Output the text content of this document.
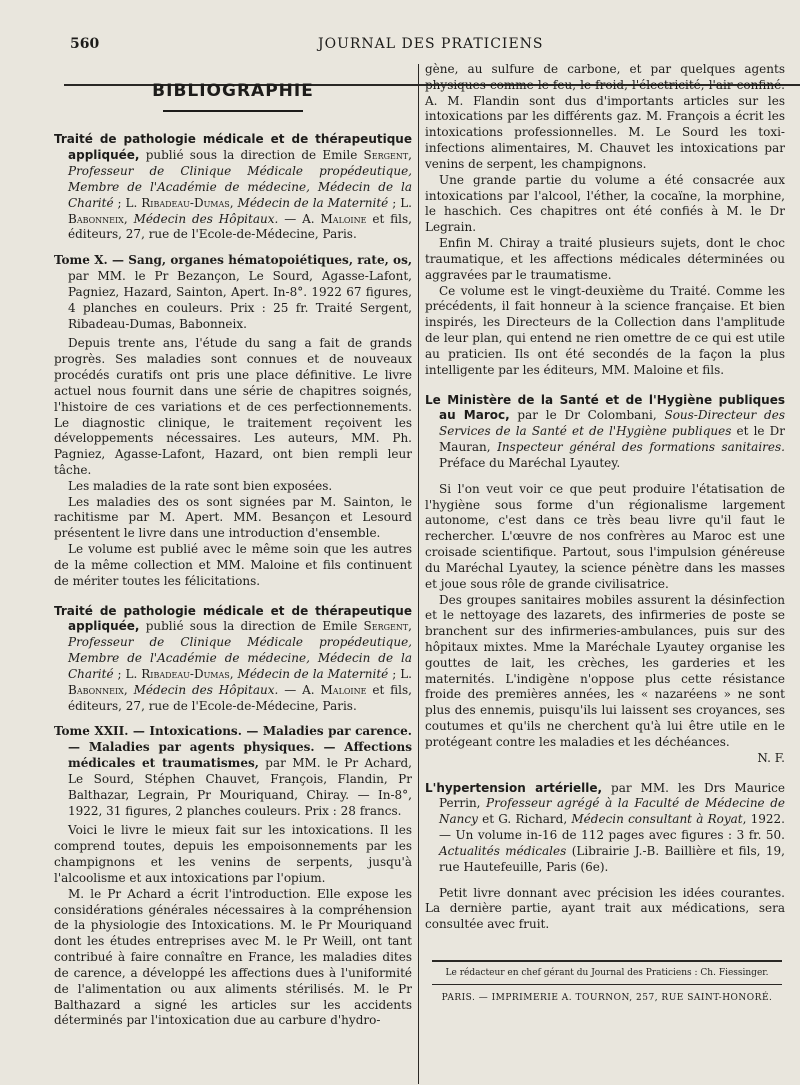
560	JOURNAL DES PRATICIENS
BIBLIOGRAPHIE

Traité de pathologie médicale et de thérapeutique appliquée, publié sous la direction de Emile Sergent, Professeur de Clinique Médicale propédeutique, Membre de l'Académie de médecine, Médecin de la Charité ; L. Ribadeau-Dumas, Médecin de la Maternité ; L. Babonneix, Médecin des Hôpitaux. — A. Maloine et fils, éditeurs, 27, rue de l'Ecole-de-Médecine, Paris.

Tome X. — Sang, organes hématopoiétiques, rate, os, par MM. le Pr Bezançon, Le Sourd, Agasse-Lafont, Pagniez, Hazard, Sainton, Apert. In-8°. 1922 67 figures, 4 planches en couleurs. Prix : 25 fr. Traité Sergent, Ribadeau-Dumas, Babonneix.

Depuis trente ans, l'étude du sang a fait de grands progrès. Ses maladies sont connues et de nouveaux procédés curatifs ont pris une place définitive. Le livre actuel nous fournit dans une série de chapitres soignés, l'histoire de ces variations et de ces perfectionnements. Le diagnostic clinique, le traitement reçoivent les développements nécessaires. Les auteurs, MM. Ph. Pagniez, Agasse-Lafont, Hazard, ont bien rempli leur tâche.

Les maladies de la rate sont bien exposées.

Les maladies des os sont signées par M. Sainton, le rachitisme par M. Apert. MM. Besançon et Lesourd présentent le livre dans une introduction d'ensemble.

Le volume est publié avec le même soin que les autres de la même collection et MM. Maloine et fils continuent de mériter toutes les félicitations.

Traité de pathologie médicale et de thérapeutique appliquée, publié sous la direction de Emile Sergent, Professeur de Clinique Médicale propédeutique, Membre de l'Académie de médecine, Médecin de la Charité ; L. Ribadeau-Dumas, Médecin de la Maternité ; L. Babonneix, Médecin des Hôpitaux. — A. Maloine et fils, éditeurs, 27, rue de l'Ecole-de-Médecine, Paris.

Tome XXII. — Intoxications. — Maladies par carence. — Maladies par agents physiques. — Affections médicales et traumatismes, par MM. le Pr Achard, Le Sourd, Stéphen Chauvet, François, Flandin, Pr Balthazar, Legrain, Pr Mouriquand, Chiray. — In-8°, 1922, 31 figures, 2 planches couleurs. Prix : 28 francs.

Voici le livre le mieux fait sur les intoxications. Il les comprend toutes, depuis les empoisonnements par les champignons et les venins de serpents, jusqu'à l'alcoolisme et aux intoxications par l'opium.

M. le Pr Achard a écrit l'introduction. Elle expose les considérations générales nécessaires à la compréhension de la physiologie des Intoxications. M. le Pr Mouriquand dont les études entreprises avec M. le Pr Weill, ont tant contribué à faire connaître en France, les maladies dites de carence, a développé les affections dues à l'uniformité de l'alimentation ou aux aliments stérilisés. M. le Pr Balthazard a signé les articles sur les accidents déterminés par l'intoxication due au carbure d'hydro-

gène, au sulfure de carbone, et par quelques agents physiques comme le feu, le froid, l'électricité, l'air confiné. A. M. Flandin sont dus d'importants articles sur les intoxications par les différents gaz. M. François a écrit les intoxications professionnelles. M. Le Sourd les toxi-infections alimentaires, M. Chauvet les intoxications par venins de serpent, les champignons.

Une grande partie du volume a été consacrée aux intoxications par l'alcool, l'éther, la cocaïne, la morphine, le haschich. Ces chapitres ont été confiés à M. le Dr Legrain.

Enfin M. Chiray a traité plusieurs sujets, dont le choc traumatique, et les affections médicales déterminées ou aggravées par le traumatisme.

Ce volume est le vingt-deuxième du Traité. Comme les précédents, il fait honneur à la science française. Et bien inspirés, les Directeurs de la Collection dans l'amplitude de leur plan, qui entend ne rien omettre de ce qui est utile au praticien. Ils ont été secondés de la façon la plus intelligente par les éditeurs, MM. Maloine et fils.

Le Ministère de la Santé et de l'Hygiène publiques au Maroc, par le Dr Colombani, Sous-Directeur des Services de la Santé et de l'Hygiène publiques et le Dr Mauran, Inspecteur général des formations sanitaires. Préface du Maréchal Lyautey.

Si l'on veut voir ce que peut produire l'étatisation de l'hygiène sous forme d'un régionalisme largement autonome, c'est dans ce très beau livre qu'il faut le rechercher. L'œuvre de nos confrères au Maroc est une croisade scientifique. Partout, sous l'impulsion généreuse du Maréchal Lyautey, la science pénètre dans les masses et joue sous rôle de grande civilisatrice.

Des groupes sanitaires mobiles assurent la désinfection et le nettoyage des lazarets, des infirmeries de poste se branchent sur des infirmeries-ambulances, puis sur des hôpitaux mixtes. Mme la Maréchale Lyautey organise les gouttes de lait, les crèches, les garderies et les maternités. L'indigène n'oppose plus cette résistance froide des premières années, les « nazaréens » ne sont plus des ennemis, puisqu'ils lui laissent ses croyances, ses coutumes et qu'ils ne cherchent qu'à lui être utile en le protégeant contre les maladies et les déchéances.

N. F.

L'hypertension artérielle, par MM. les Drs Maurice Perrin, Professeur agrégé à la Faculté de Médecine de Nancy et G. Richard, Médecin consultant à Royat, 1922. — Un volume in-16 de 112 pages avec figures : 3 fr. 50. Actualités médicales (Librairie J.-B. Baillière et fils, 19, rue Hautefeuille, Paris (6e).

Petit livre donnant avec précision les idées courantes. La dernière partie, ayant trait aux médications, sera consultée avec fruit.

Le rédacteur en chef gérant du Journal des Praticiens : Ch. Fiessinger.
PARIS. — IMPRIMERIE A. TOURNON, 257, RUE SAINT-HONORÉ.
